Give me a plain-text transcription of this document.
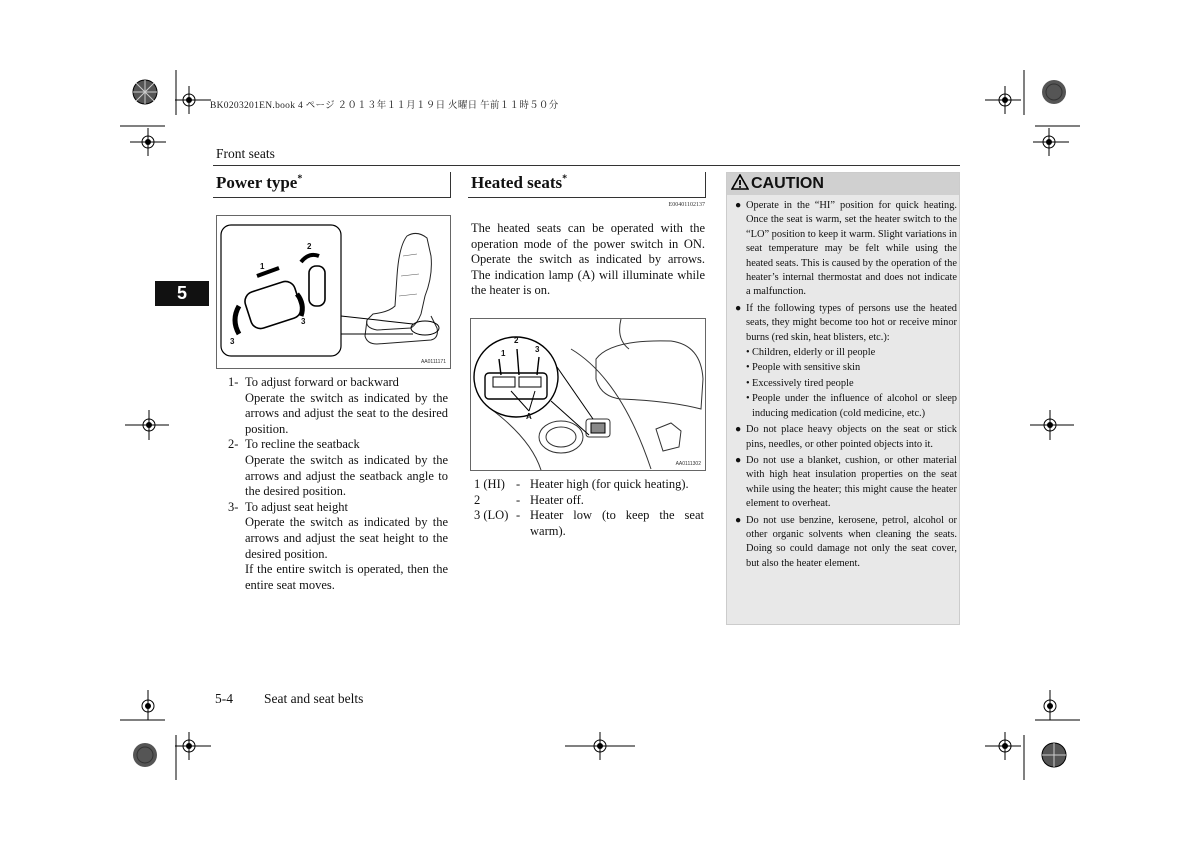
BK0203201EN.book 4 ページ ２０１３年１１月１９日 火曜日 午前１１時５０分
Front seats
5
Power type*
1
2
3
3
AA0111171
1- To adjust forward or backward
Operate the switch as indicated by the arrows and adjust the seat to the desired position.
2- To recline the seatback
Operate the switch as indicated by the arrows and adjust the seatback angle to the desired position.
3- To adjust seat height
Operate the switch as indicated by the arrows and adjust the seat height to the desired position.
If the entire switch is operated, then the entire seat moves.
Heated seats*
E00401102137
The heated seats can be operated with the operation mode of the power switch in ON. Operate the switch as indicated by arrows. The indication lamp (A) will illuminate while the heater is on.
1
2
3
A
AA0111302
1 (HI) - Heater high (for quick heating).
2	- Heater off.
3 (LO) - Heater low (to keep the seat warm).
CAUTION
● Operate in the “HI” position for quick heating. Once the seat is warm, set the heater switch to the “LO” position to keep it warm. Slight variations in seat temperature may be felt while using the heated seats. This is caused by the operation of the heater’s internal thermostat and does not indicate a malfunction.
● If the following types of persons use the heated seats, they might become too hot or receive minor burns (red skin, heat blisters, etc.):
• Children, elderly or ill people
• People with sensitive skin
• Excessively tired people
• People under the influence of alcohol or sleep inducing medication (cold medicine, etc.)
● Do not place heavy objects on the seat or stick pins, needles, or other pointed objects into it.
● Do not use a blanket, cushion, or other material with high heat insulation properties on the seat while using the heater; this might cause the heater element to overheat.
● Do not use benzine, kerosene, petrol, alcohol or other organic solvents when cleaning the seats. Doing so could damage not only the seat cover, but also the heater element.
5-4 Seat and seat belts
